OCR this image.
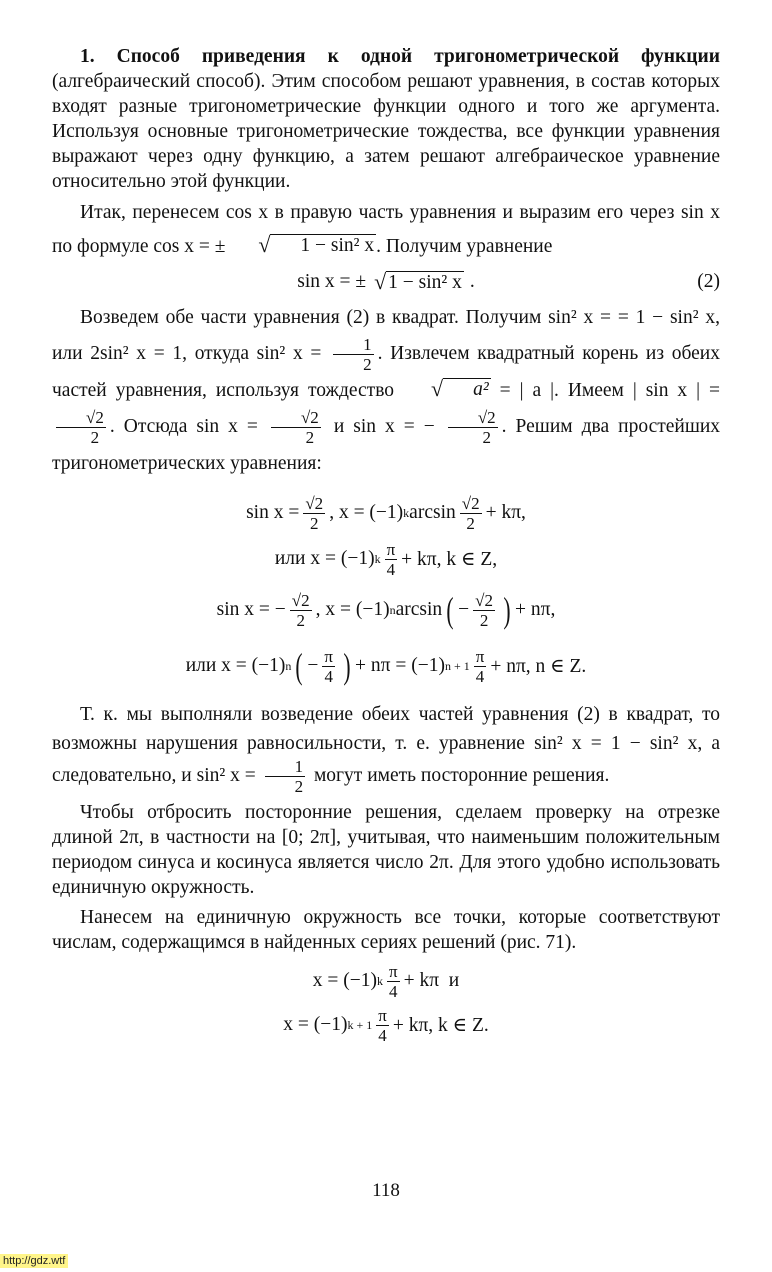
1. Способ приведения к одной тригонометрической функции (алгебраический способ). Этим способом решают уравнения, в состав которых входят разные тригонометрические функции одного и того же аргумента. Используя основные тригонометрические тождества, все функции уравнения выражают через одну функцию, а затем решают алгебраическое уравнение относительно этой функции.

Итак, перенесем cos x в правую часть уравнения и выразим его через sin x по формуле cos x = ±	√	1 − sin² x . Получим уравнение

sin x = ± √ 1 − sin² x .	(2)

Возведем обе части уравнения (2) в квадрат. Получим sin² x = = 1 − sin² x, или 2sin² x = 1, откуда sin² $x = \frac{1}{2}$ . Извлечем квадратный корень из обеих частей уравнения, используя тождество	√	a² = | a |. Имеем | sin x | =
$\frac{√2}{2}$ . Отсюда $\sin x = \frac{√2}{2}$ и sin x = − $\frac{√2}{2}$ . Решим два простейших тригонометрических уравнения:

$\sin x = \frac{√2}{2}$ , x = (−1) k $\arcsin \frac{√2}{2} + k\pi$,
или x = (−1) k $\frac{\pi}{4} + k\pi$, k ∈ Z,
sin x = − $\frac{√2}{2}$ , x = (−1) n arcsin ( − $\frac{√2}{2}$ ) + nπ,
или x = (−1) n ( − $\frac{\pi}{4}$ ) + nπ = (−1) $n + 1 \frac{\pi}{4} + n\pi$, n ∈ Z.

Т. к. мы выполняли возведение обеих частей уравнения (2) в квадрат, то возможны нарушения равносильности, т. е. уравнение sin² x = 1 − sin² x, а следовательно, и sin² $x = \frac{1}{2}$ могут иметь посторонние решения.

Чтобы отбросить посторонние решения, сделаем проверку на отрезке длиной 2π, в частности на [0; 2π], учитывая, что наименьшим положительным периодом синуса и косинуса является число 2π. Для этого удобно использовать единичную окружность.

Нанесем на единичную окружность все точки, которые соответствуют числам, содержащимся в найденных сериях решений (рис. 71).

x = (−1) k $\frac{\pi}{4} + k\pi$  и
x = (−1) $k + 1 \frac{\pi}{4} + k\pi$, k ∈ Z.
118
http://gdz.wtf
